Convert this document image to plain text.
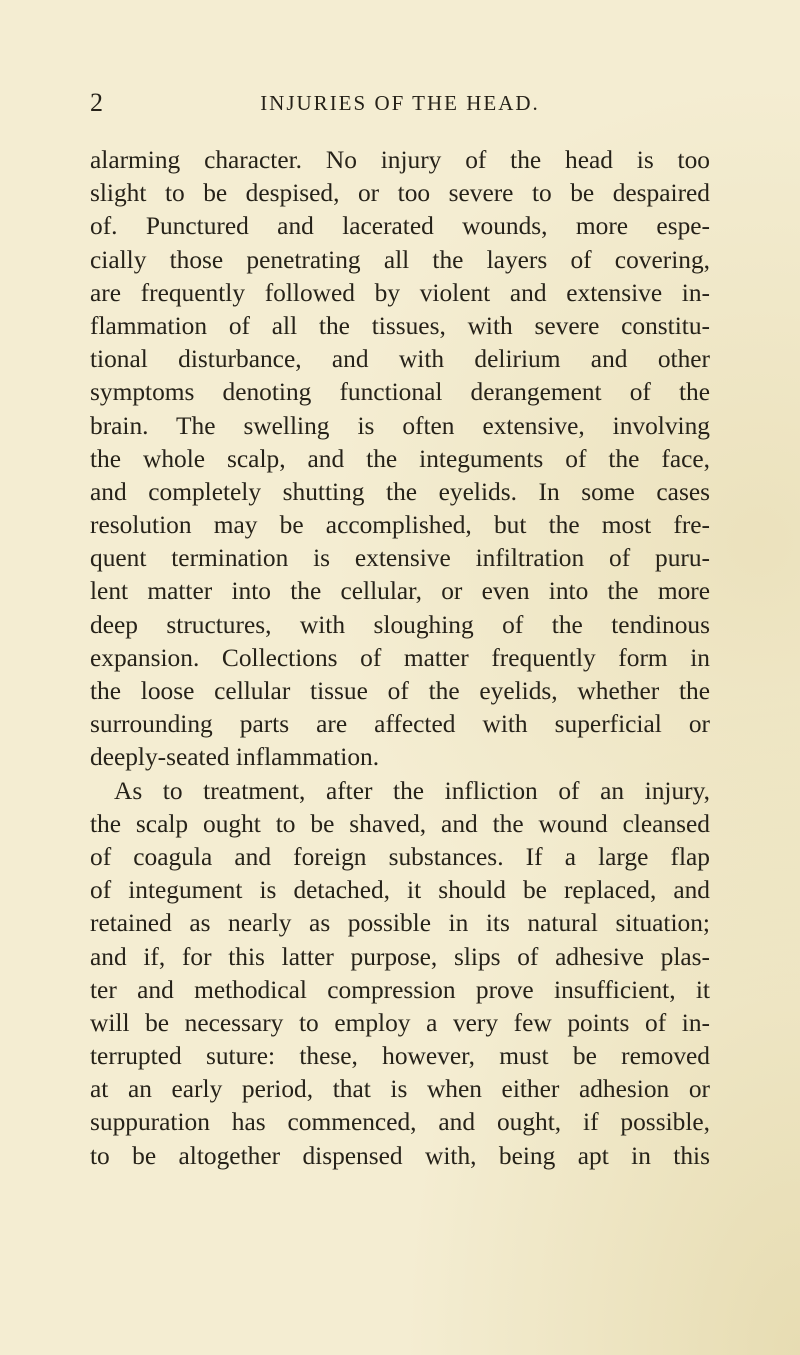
2	INJURIES OF THE HEAD.
alarming character. No injury of the head is too
slight to be despised, or too severe to be despaired
of. Punctured and lacerated wounds, more espe-
cially those penetrating all the layers of covering,
are frequently followed by violent and extensive in-
flammation of all the tissues, with severe constitu-
tional disturbance, and with delirium and other
symptoms denoting functional derangement of the
brain. The swelling is often extensive, involving
the whole scalp, and the integuments of the face,
and completely shutting the eyelids. In some cases
resolution may be accomplished, but the most fre-
quent termination is extensive infiltration of puru-
lent matter into the cellular, or even into the more
deep structures, with sloughing of the tendinous
expansion. Collections of matter frequently form in
the loose cellular tissue of the eyelids, whether the
surrounding parts are affected with superficial or
deeply-seated inflammation.
As to treatment, after the infliction of an injury,
the scalp ought to be shaved, and the wound cleansed
of coagula and foreign substances. If a large flap
of integument is detached, it should be replaced, and
retained as nearly as possible in its natural situation;
and if, for this latter purpose, slips of adhesive plas-
ter and methodical compression prove insufficient, it
will be necessary to employ a very few points of in-
terrupted suture: these, however, must be removed
at an early period, that is when either adhesion or
suppuration has commenced, and ought, if possible,
to be altogether dispensed with, being apt in this
